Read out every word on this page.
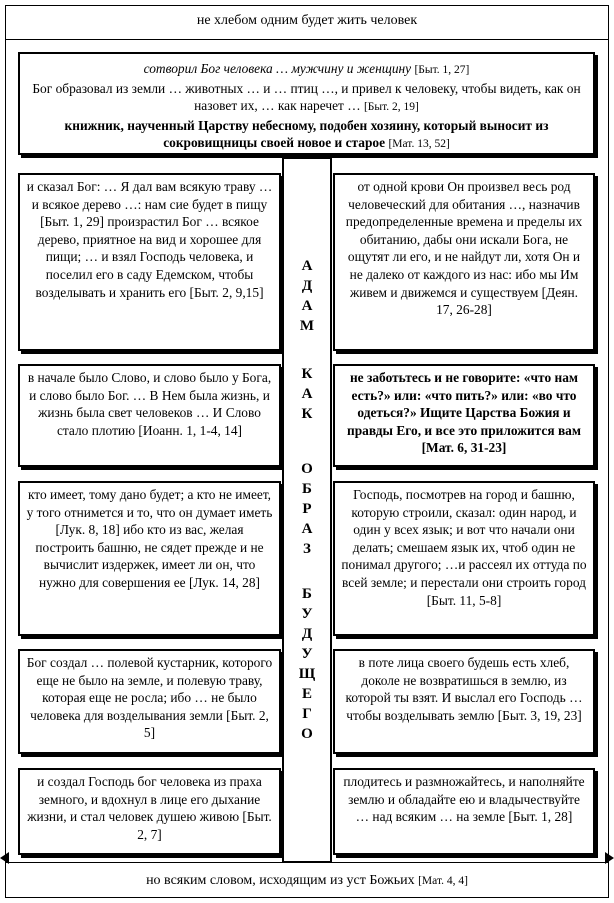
не хлебом одним будет жить человек
сотворил Бог человека … мужчину и женщину [Быт. 1, 27]
Бог образовал из земли … животных … и … птиц …, и привел к человеку, чтобы видеть, как он назовет их, … как наречет … [Быт. 2, 19]
книжник, наученный Царству небесному, подобен хозяину, который выносит из сокровищницы своей новое и старое [Мат. 13, 52]
и сказал Бог: … Я дал вам всякую траву … и всякое дерево …: нам сие будет в пищу [Быт. 1, 29] произрастил Бог … всякое дерево, приятное на вид и хорошее для пищи; … и взял Господь человека, и поселил его в саду Едемском, чтобы возделывать и хранить его [Быт. 2, 9,15]
в начале было Слово, и слово было у Бога, и слово было Бог. … В Нем была жизнь, и жизнь была свет человеков … И Слово стало плотию [Иоанн. 1, 1-4, 14]
кто имеет, тому дано будет; а кто не имеет, у того отнимется и то, что он думает иметь [Лук. 8, 18] ибо кто из вас, желая построить башню, не сядет прежде и не вычислит издержек, имеет ли он, что нужно для совершения ее [Лук. 14, 28]
Бог создал … полевой кустарник, которого еще не было на земле, и полевую траву, которая еще не росла; ибо … не было человека для возделывания земли [Быт. 2, 5]
и создал Господь бог человека из праха земного, и вдохнул в лице его дыхание жизни, и стал человек душею живою [Быт. 2, 7]
от одной крови Он произвел весь род человеческий для обитания …, назначив предопределенные времена и пределы их обитанию, дабы они искали Бога, не ощутят ли его, и не найдут ли, хотя Он и не далеко от каждого из нас: ибо мы Им живем и движемся и существуем [Деян. 17, 26-28]
не заботьтесь и не говорите: «что нам есть?» или: «что пить?» или: «во что одеться?» Ищите Царства Божия и правды Его, и все это приложится вам [Мат. 6, 31-23]
Господь, посмотрев на город и башню, которую строили, сказал: один народ, и один у всех язык; и вот что начали они делать; смешаем язык их, чтоб один не понимал другого; …и рассеял их оттуда по всей земле; и перестали они строить город [Быт. 11, 5-8]
в поте лица своего будешь есть хлеб, доколе не возвратишься в землю, из которой ты взят. И выслал его Господь … чтобы возделывать землю [Быт. 3, 19, 23]
плодитесь и размножайтесь, и наполняйте землю и обладайте ею и владычествуйте … над всяким … на земле [Быт. 1, 28]
А
Д
А
М
К
А
К
О
Б
Р
А
З
Б
У
Д
У
Щ
Е
Г
О
но всяким словом, исходящим из уст Божьих [Мат. 4, 4]
